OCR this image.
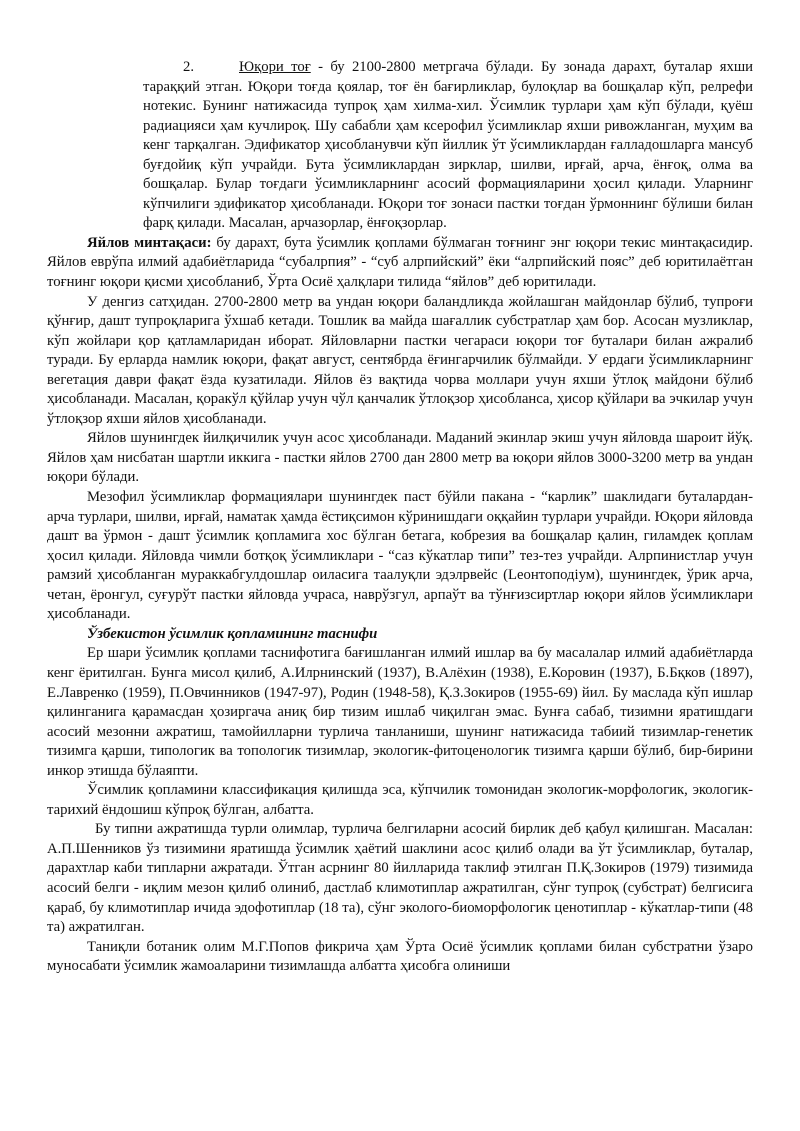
2.	Юқори тоғ - бу 2100-2800 метргача бўлади. Бу зонада дарахт, буталар яхши тараққий этган. Юқори тоғда қоялар, тоғ ён бағирликлар, булоқлар ва бошқалар кўп, релрефи нотекис. Бунинг натижасида тупроқ ҳам хилма-хил. Ўсимлик турлари ҳам кўп бўлади, қуёш радиацияси ҳам кучлироқ. Шу сабабли ҳам ксерофил ўсимликлар яхши ривожланган, муҳим ва кенг тарқалган. Эдификатор ҳисобланувчи кўп йиллик ўт ўсимликлардан ғалладошларга мансуб буғдойиқ кўп учрайди. Бута ўсимликлардан зирклар, шилви, ирғай, арча, ёнғоқ, олма ва бошқалар. Булар тоғдаги ўсимликларнинг асосий формацияларини ҳосил қилади. Уларнинг кўпчилиги эдификатор ҳисобланади. Юқори тоғ зонаси пастки тоғдан ўрмоннинг бўлиши билан фарқ қилади. Масалан, арчазорлар, ёнғоқзорлар.

Яйлов минтақаси: бу дарахт, бута ўсимлик қоплами бўлмаган тоғнинг энг юқори текис минтақасидир. Яйлов еврўпа илмий адабиётларида “субалрпия” - “суб алрпийский” ёки “алрпийский пояс” деб юритилаётган тоғнинг юқори қисми ҳисобланиб, Ўрта Осиё ҳалқлари тилида “яйлов” деб юритилади.

У денгиз сатҳидан. 2700-2800 метр ва ундан юқори баландликда жойлашган майдонлар бўлиб, тупроғи қўнғир, дашт тупроқларига ўхшаб кетади. Тошлик ва майда шағаллик субстратлар ҳам бор. Асосан музликлар, кўп жойлари қор қатламларидан иборат. Яйловларни пастки чегараси юқори тоғ буталари билан ажралиб туради. Бу ерларда намлик юқори, фақат август, сентябрда ёғингарчилик бўлмайди. У ердаги ўсимликларнинг вегетация даври фақат ёзда кузатилади. Яйлов ёз вақтида чорва моллари учун яхши ўтлоқ майдони бўлиб ҳисобланади. Масалан, қоракўл қўйлар учун чўл қанчалик ўтлоқзор ҳисобланса, ҳисор қўйлари ва эчкилар учун ўтлоқзор яхши яйлов ҳисобланади.

Яйлов шунингдек йилқичилик учун асос ҳисобланади. Маданий экинлар экиш учун яйловда шароит йўқ. Яйлов ҳам нисбатан шартли иккига - пастки яйлов 2700 дан 2800 метр ва юқори яйлов 3000-3200 метр ва ундан юқори бўлади.

Мезофил ўсимликлар формациялари шунингдек паст бўйли пакана - “карлик” шаклидаги буталардан-арча турлари, шилви, ирғай, наматак ҳамда ёстиқсимон кўринишдаги оққайин турлари учрайди. Юқори яйловда дашт ва ўрмон - дашт ўсимлик қопламига хос бўлган бетага, кобрезия ва бошқалар қалин, гиламдек қоплам ҳосил қилади. Яйловда чимли ботқоқ ўсимликлари - “саз кўкатлар типи” тез-тез учрайди. Алрпинистлар учун рамзий ҳисобланган мураккабгулдошлар оиласига таалуқли эдэлрвейс (Lеонтоподіум), шунингдек, ўрик арча, четан, ёронгул, суғурўт пастки яйловда учраса, наврўзгул, арпаўт ва тўнғизсиртлар юқори яйлов ўсимликлари ҳисобланади.

Ўзбекистон ўсимлик қопламининг таснифи

Ер шари ўсимлик қоплами таснифотига бағишланган илмий ишлар ва бу масалалар илмий адабиётларда кенг ёритилган. Бунга мисол қилиб, А.Илрнинский (1937), В.Алёхин (1938), Е.Коровин (1937), Б.Бқков (1897), Е.Лавренко (1959), П.Овчинников (1947-97), Родин (1948-58), Қ.З.Зокиров (1955-69) йил. Бу маслада кўп ишлар қилинганига қарамасдан ҳозиргача аниқ бир тизим ишлаб чиқилган эмас. Бунға сабаб, тизимни яратишдаги асосий мезонни ажратиш, тамойилларни турлича танланиши, шунинг натижасида табиий тизимлар-генетик тизимга қарши, типологик ва топологик тизимлар, экологик-фитоценологик тизимга қарши бўлиб, бир-бирини инкор этишда бўлаяпти.

Ўсимлик қопламини классификация қилишда эса, кўпчилик томонидан экологик-морфологик, экологик-тарихий ёндошиш кўпроқ бўлган, албатта.

Бу типни ажратишда турли олимлар, турлича белгиларни асосий бирлик деб қабул қилишган. Масалан: А.П.Шенников ўз тизимини яратишда ўсимлик ҳаётий шаклини асос қилиб олади ва ўт ўсимликлар, буталар, дарахтлар каби типларни ажратади. Ўтган асрнинг 80 йилларида таклиф этилган П.Қ.Зокиров (1979) тизимида асосий белги - иқлим мезон қилиб олиниб, дастлаб климотиплар ажратилган, сўнг тупроқ (субстрат) белгисига қараб, бу климотиплар ичида эдофотиплар (18 та), сўнг эколого-биоморфологик ценотиплар - кўкатлар-типи (48 та) ажратилган.

Таниқли ботаник олим М.Г.Попов фикрича ҳам Ўрта Осиё ўсимлик қоплами билан субстратни ўзаро муносабати ўсимлик жамоаларини тизимлашда албатта ҳисобга олиниши
